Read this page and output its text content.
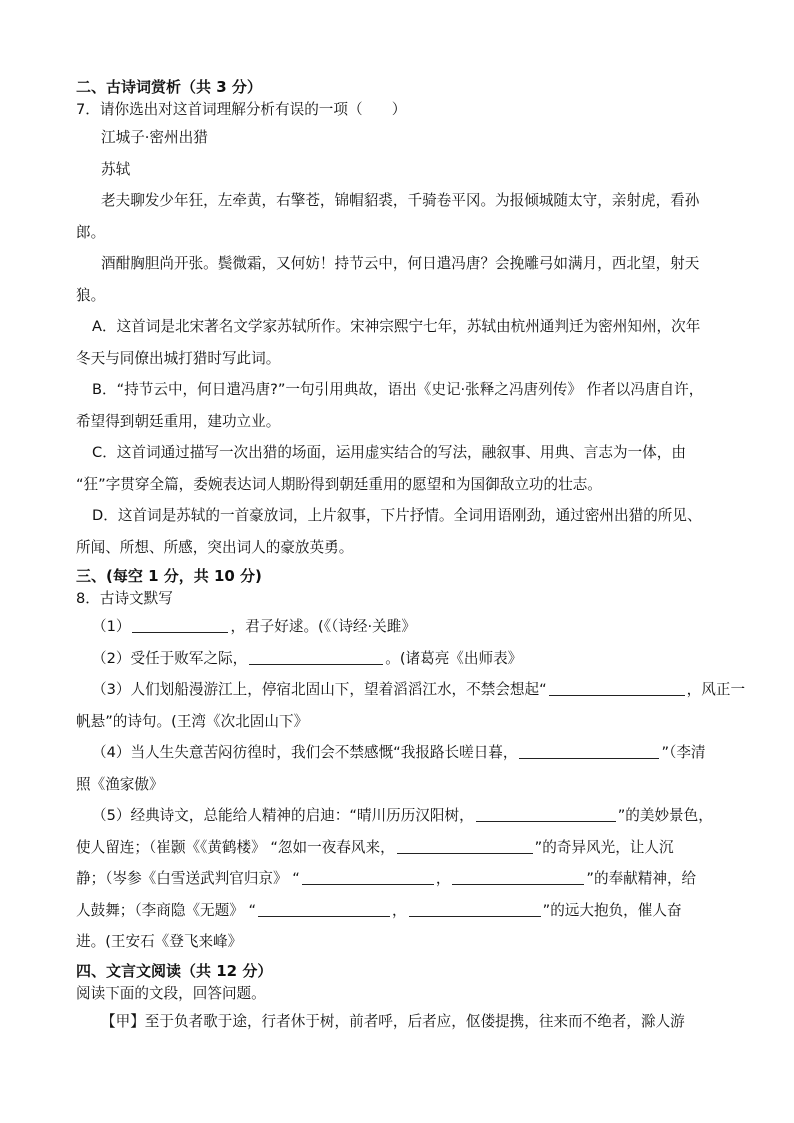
二、古诗词赏析（共 3 分）
7．请你选出对这首词理解分析有误的一项（　　）
江城子·密州出猎
苏轼
老夫聊发少年狂，左牵黄，右擎苍，锦帽貂裘，千骑卷平冈。为报倾城随太守，亲射虎，看孙
郎。
酒酣胸胆尚开张。鬓微霜，又何妨！持节云中，何日遣冯唐？会挽雕弓如满月，西北望，射天
狼。
A．这首词是北宋著名文学家苏轼所作。宋神宗熙宁七年，苏轼由杭州通判迁为密州知州，次年
冬天与同僚出城打猎时写此词。
B．“持节云中，何日遣冯唐?”一句引用典故，语出《史记·张释之冯唐列传》 作者以冯唐自许，
希望得到朝廷重用，建功立业。
C．这首词通过描写一次出猎的场面，运用虚实结合的写法，融叙事、用典、言志为一体，由
“狂”字贯穿全篇，委婉表达词人期盼得到朝廷重用的愿望和为国御敌立功的壮志。
D．这首词是苏轼的一首豪放词，上片叙事，下片抒情。全词用语刚劲，通过密州出猎的所见、
所闻、所想、所感，突出词人的豪放英勇。
三、(每空 1 分，共 10 分)
8．古诗文默写
（1）	，君子好逑。(《（诗经·关雎》
（2）受任于败军之际，	。(诸葛亮《出师表》
（3）人们划船漫游江上，停宿北固山下，望着滔滔江水，不禁会想起“	，风正一
帆悬”的诗句。(王湾《次北固山下》
（4）当人生失意苦闷彷徨时，我们会不禁感慨“我报路长嗟日暮，	”（李清
照《渔家傲》
（5）经典诗文，总能给人精神的启迪：“晴川历历汉阳树，	”的美妙景色，
使人留连；（崔颢《《黄鹤楼》 “忽如一夜春风来，	”的奇异风光，让人沉
静；（岑参《白雪送武判官归京》 “	，	”的奉献精神，给
人鼓舞；（李商隐《无题》 “	，	”的远大抱负，催人奋
进。(王安石《登飞来峰》
四、文言文阅读（共 12 分）
阅读下面的文段，回答问题。
【甲】至于负者歌于途，行者休于树，前者呼，后者应，伛偻提携，往来而不绝者，滁人游
